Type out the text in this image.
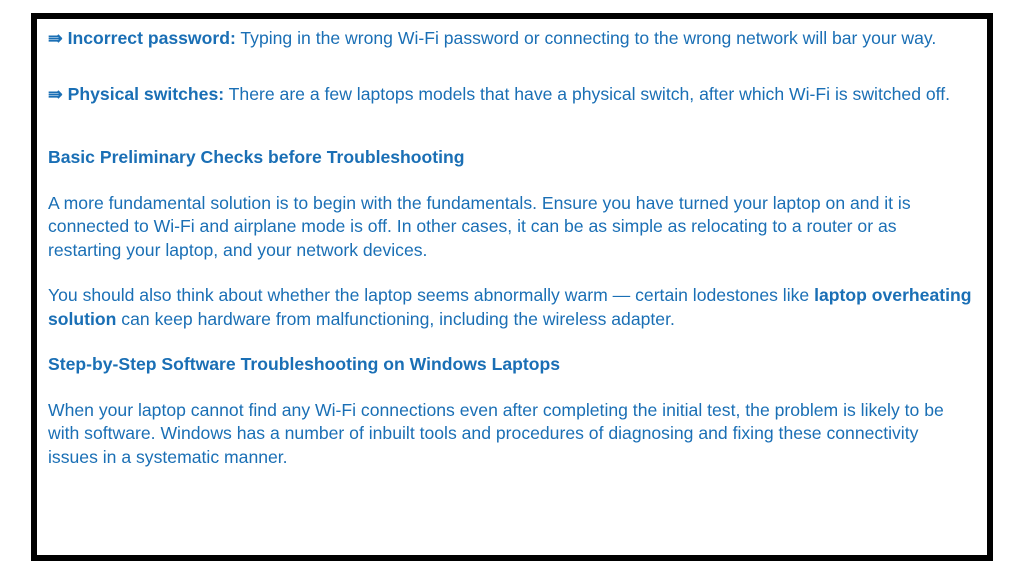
⇛ Incorrect password: Typing in the wrong Wi-Fi password or connecting to the wrong network will bar your way.

⇛ Physical switches: There are a few laptops models that have a physical switch, after which Wi-Fi is switched off.

Basic Preliminary Checks before Troubleshooting

A more fundamental solution is to begin with the fundamentals. Ensure you have turned your laptop on and it is connected to Wi-Fi and airplane mode is off. In other cases, it can be as simple as relocating to a router or as restarting your laptop, and your network devices.

You should also think about whether the laptop seems abnormally warm — certain lodestones like laptop overheating solution can keep hardware from malfunctioning, including the wireless adapter.

Step-by-Step Software Troubleshooting on Windows Laptops

When your laptop cannot find any Wi-Fi connections even after completing the initial test, the problem is likely to be with software. Windows has a number of inbuilt tools and procedures of diagnosing and fixing these connectivity issues in a systematic manner.
